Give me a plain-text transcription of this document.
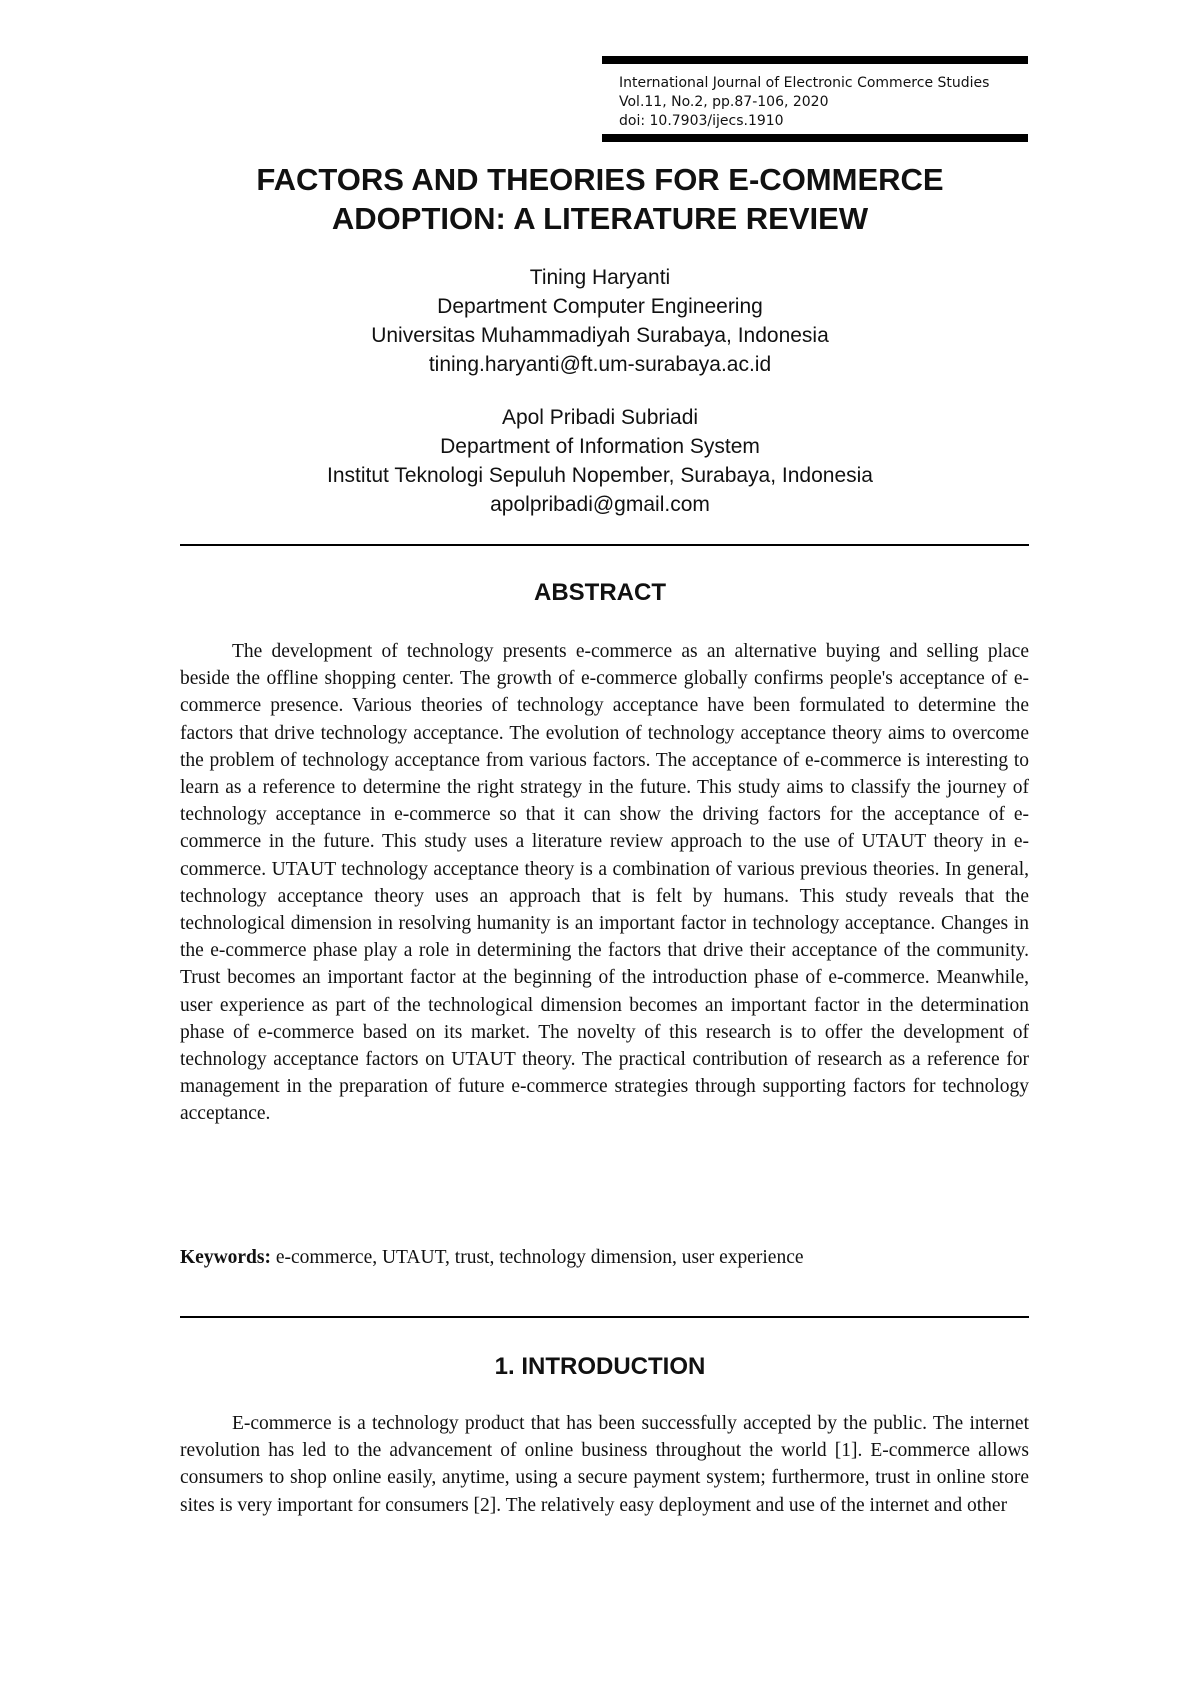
International Journal of Electronic Commerce Studies
Vol.11, No.2, pp.87-106, 2020
doi: 10.7903/ijecs.1910
FACTORS AND THEORIES FOR E-COMMERCE
ADOPTION: A LITERATURE REVIEW
Tining Haryanti
Department Computer Engineering
Universitas Muhammadiyah Surabaya, Indonesia
tining.haryanti@ft.um-surabaya.ac.id
Apol Pribadi Subriadi
Department of Information System
Institut Teknologi Sepuluh Nopember, Surabaya, Indonesia
apolpribadi@gmail.com
ABSTRACT

The development of technology presents e-commerce as an alternative buying and selling place beside the offline shopping center. The growth of e-commerce globally confirms people's acceptance of e-commerce presence. Various theories of technology acceptance have been formulated to determine the factors that drive technology acceptance. The evolution of technology acceptance theory aims to overcome the problem of technology acceptance from various factors. The acceptance of e-commerce is interesting to learn as a reference to determine the right strategy in the future. This study aims to classify the journey of technology acceptance in e-commerce so that it can show the driving factors for the acceptance of e-commerce in the future. This study uses a literature review approach to the use of UTAUT theory in e-commerce. UTAUT technology acceptance theory is a combination of various previous theories. In general, technology acceptance theory uses an approach that is felt by humans. This study reveals that the technological dimension in resolving humanity is an important factor in technology acceptance. Changes in the e-commerce phase play a role in determining the factors that drive their acceptance of the community. Trust becomes an important factor at the beginning of the introduction phase of e-commerce. Meanwhile, user experience as part of the technological dimension becomes an important factor in the determination phase of e-commerce based on its market. The novelty of this research is to offer the development of technology acceptance factors on UTAUT theory. The practical contribution of research as a reference for management in the preparation of future e-commerce strategies through supporting factors for technology acceptance.

Keywords: e-commerce, UTAUT, trust, technology dimension, user experience
1. INTRODUCTION

E-commerce is a technology product that has been successfully accepted by the public. The internet revolution has led to the advancement of online business throughout the world [1]. E-commerce allows consumers to shop online easily, anytime, using a secure payment system; furthermore, trust in online store sites is very important for consumers [2]. The relatively easy deployment and use of the internet and other
